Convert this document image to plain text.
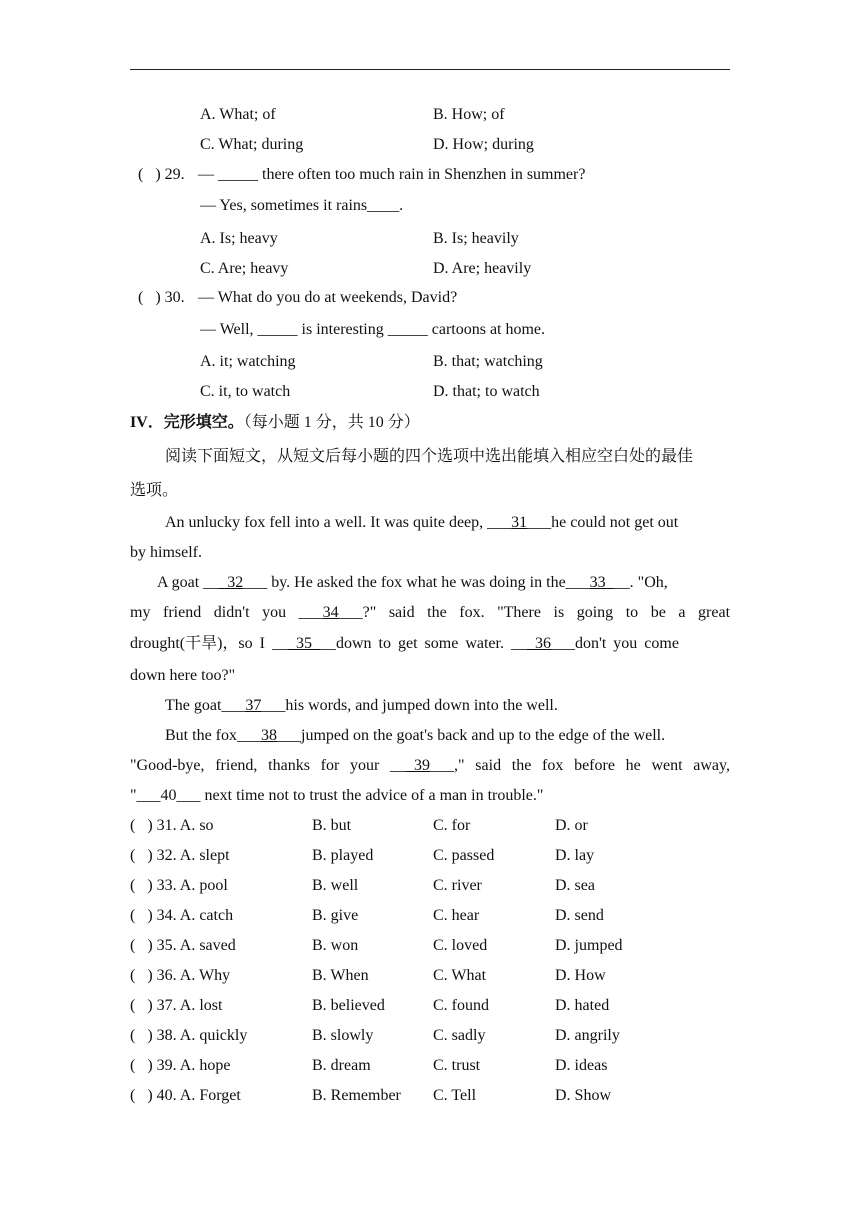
A. What; of	B. How; of
C. What; during	D. How; during
(   ) 29. — _____ there often too much rain in Shenzhen in summer?
— Yes, sometimes it rains____.
A. Is; heavy	B. Is; heavily
C. Are; heavy	D. Are; heavily
(   ) 30. — What do you do at weekends, David?
— Well, _____ is interesting _____ cartoons at home.
A. it; watching	B. that; watching
C. it, to watch	D. that; to watch
IV．完形填空。（每小题 1 分，共 10 分）
阅读下面短文，从短文后每小题的四个选项中选出能填入相应空白处的最佳
选项。
An unlucky fox fell into a well. It was quite deep, ___31___he could not get out
by himself.
A goat ___32___ by. He asked the fox what he was doing in the___33___. "Oh,
my friend didn't you ___34___?" said the fox. "There is going to be a great
drought(干旱)，so I ___35___down to get some water. ___36___don't you come
down here too?"
The goat___37___his words, and jumped down into the well.
But the fox___38___jumped on the goat's back and up to the edge of the well.
"Good-bye, friend, thanks for your ___39___," said the fox before he went away,
"___40___ next time not to trust the advice of a man in trouble."
(   ) 31. A. so	B. but	C. for	D. or
(   ) 32. A. slept	B. played	C. passed	D. lay
(   ) 33. A. pool	B. well	C. river	D. sea
(   ) 34. A. catch	B. give	C. hear	D. send
(   ) 35. A. saved	B. won	C. loved	D. jumped
(   ) 36. A. Why	B. When	C. What	D. How
(   ) 37. A. lost	B. believed	C. found	D. hated
(   ) 38. A. quickly	B. slowly	C. sadly	D. angrily
(   ) 39. A. hope	B. dream	C. trust	D. ideas
(   ) 40. A. Forget	B. Remember C. Tell	D. Show
